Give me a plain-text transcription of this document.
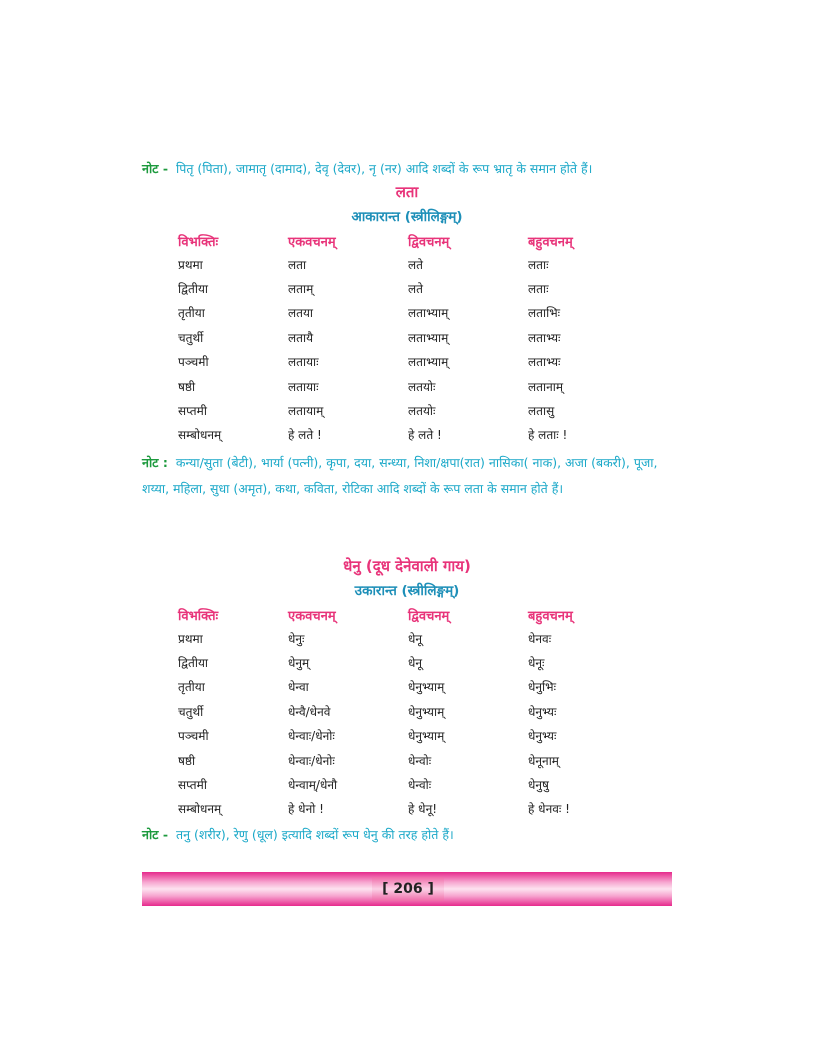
नोट - पितृ (पिता), जामातृ (दामाद), देवृ (देवर), नृ (नर) आदि शब्दों के रूप भ्रातृ के समान होते हैं।
लता
आकारान्त (स्त्रीलिङ्गम्)
विभक्तिः	एकवचनम्	द्विवचनम्	बहुवचनम्
प्रथमा	लता	लते	लताः
द्वितीया	लताम्	लते	लताः
तृतीया	लतया	लताभ्याम्	लताभिः
चतुर्थी	लतायै	लताभ्याम्	लताभ्यः
पञ्चमी	लतायाः	लताभ्याम्	लताभ्यः
षष्ठी	लतायाः	लतयोः	लतानाम्
सप्तमी	लतायाम्	लतयोः	लतासु
सम्बोधनम्	हे लते !	हे लते !	हे लताः !
नोट : कन्या/सुता (बेटी), भार्या (पत्नी), कृपा, दया, सन्ध्या, निशा/क्षपा(रात) नासिका( नाक), अजा (बकरी), पूजा, शय्या, महिला, सुधा (अमृत), कथा, कविता, रोटिका आदि शब्दों के रूप लता के समान होते हैं।
धेनु (दूध देनेवाली गाय)
उकारान्त (स्त्रीलिङ्गम्)
विभक्तिः	एकवचनम्	द्विवचनम्	बहुवचनम्
प्रथमा	धेनुः	धेनू	धेनवः
द्वितीया	धेनुम्	धेनू	धेनूः
तृतीया	धेन्वा	धेनुभ्याम्	धेनुभिः
चतुर्थी	धेन्वै/धेनवे	धेनुभ्याम्	धेनुभ्यः
पञ्चमी	धेन्वाः/धेनोः	धेनुभ्याम्	धेनुभ्यः
षष्ठी	धेन्वाः/धेनोः	धेन्वोः	धेनूनाम्
सप्तमी	धेन्वाम्/धेनौ	धेन्वोः	धेनुषु
सम्बोधनम्	हे धेनो !	हे धेनू!	हे धेनवः !
नोट - तनु (शरीर), रेणु (धूल) इत्यादि शब्दों रूप धेनु की तरह होते हैं।
[ 206 ]
